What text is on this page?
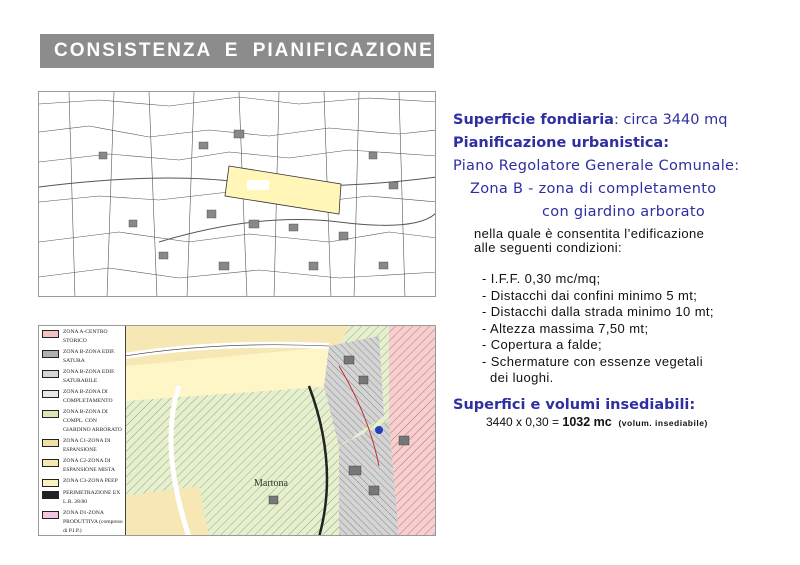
CONSISTENZA E PIANIFICAZIONE
Martona
ZONA A-CENTRO STORICO
ZONA B-ZONA EDIF. SATURA
ZONA B-ZONA EDIF. SATURABILE
ZONA B-ZONA DI COMPLETAMENTO
ZONA B-ZONA DI COMPL. CON GIARDINO ARBORATO
ZONA C1-ZONA DI ESPANSIONE
ZONA C2-ZONA DI ESPANSIONE MISTA
ZONA C3-ZONA PEEP
PERIMETRAZIONE EX L.R. 28/80
ZONA D1-ZONA PRODUTTIVA (compreso di P.I.P.)
Superficie fondiaria: circa 3440 mq
Pianificazione urbanistica:
Piano Regolatore Generale Comunale:
Zona B - zona di completamento
con giardino arborato
nella quale è consentita l’edificazione
alle seguenti condizioni:
- I.F.F. 0,30 mc/mq;
- Distacchi dai confini minimo 5 mt;
- Distacchi dalla strada minimo 10 mt;
- Altezza massima 7,50 mt;
- Copertura a falde;
- Schermature con essenze vegetali
dei luoghi.
Superfici e volumi insediabili:
3440 x 0,30 = 1032 mc (volum. insediabile)
